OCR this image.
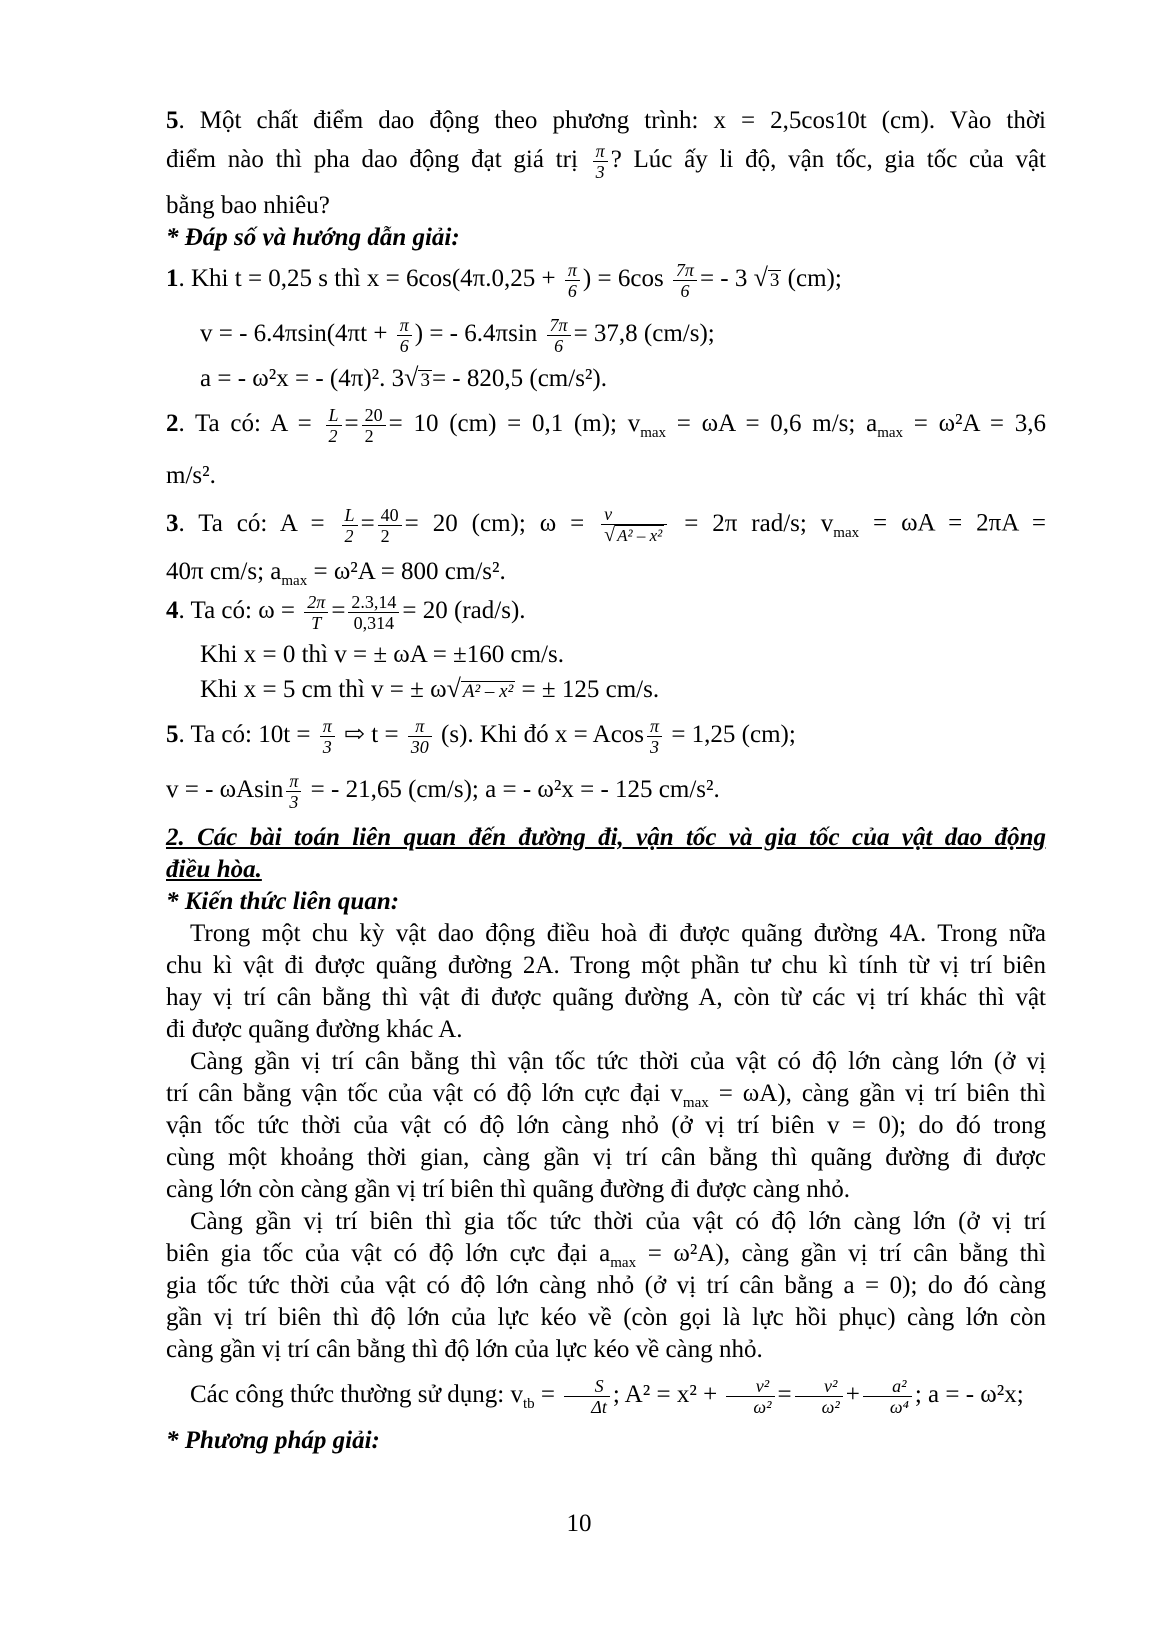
5. Một chất điểm dao động theo phương trình: x = 2,5cos10t (cm). Vào thời
điểm nào thì pha dao động đạt giá trị $\frac{\pi}{3}$ ? Lúc ấy li độ, vận tốc, gia tốc của vật
bằng bao nhiêu?
* Đáp số và hướng dẫn giải:
1. Khi t = 0,25 s thì $x = 6\cos(4\pi.0,25 + \frac{\pi}{6}$ ) = $6\cos \frac{7\pi}{6}$ = - 3 √ 3 (cm);
v = - $6.4\pi\sin(4\pi t + \frac{\pi}{6}$ ) = - $6.4\pi\sin \frac{7\pi}{6} = 37,8$ (cm/s);
a = - ω²x = - (4π)². 3√ 3= - 820,5 (cm/s²).
2. Ta có: $A = \frac{L}{2} = \frac{20}{2} = 10$ (cm) = 0,1 (m); $v_{max} = \omega A = 0,6$ m/s; $a_{max} = \omega^2A = 3,6$
m/s².
3. Ta có: $A = \frac{L}{2} = \frac{40}{2} = 20$ (cm); $\omega = \frac{v}{\text{√ A² – x²}} = 2\pi$ rad/s; $v_{max} = \omega A = 2\pi A$ =
40π cm/s; $a_{max} = \omega^2A = 800$ cm/s².
4. Ta có: $\omega = \frac{2\pi}{T} = \frac{2.3,14}{0,314} = 20$ (rad/s).
Khi x = 0 thì v = ± ωA = ±160 cm/s.
Khi x = 5 cm thì v = ± ω√ A² – x² = ± 125 cm/s.
5. Ta có: $10t = \frac{\pi}{3}$ ⇨ $t = \frac{\pi}{30} (s)$. Khi đó x = Acos $\frac{\pi}{3} = 1,25$ (cm);
v = - ωAsin $\frac{\pi}{3}$ = - 21,65 (cm/s); a = - ω²x = - 125 cm/s².
2. Các bài toán liên quan đến đường đi, vận tốc và gia tốc của vật dao động
điều hòa.
* Kiến thức liên quan:
Trong một chu kỳ vật dao động điều hoà đi được quãng đường 4A. Trong nữa
chu kì vật đi được quãng đường 2A. Trong một phần tư chu kì tính từ vị trí biên
hay vị trí cân bằng thì vật đi được quãng đường A, còn từ các vị trí khác thì vật
đi được quãng đường khác A.
Càng gần vị trí cân bằng thì vận tốc tức thời của vật có độ lớn càng lớn (ở vị
trí cân bằng vận tốc của vật có độ lớn cực đại $v_{max} = \omega A$), càng gần vị trí biên thì
vận tốc tức thời của vật có độ lớn càng nhỏ (ở vị trí biên v = 0); do đó trong
cùng một khoảng thời gian, càng gần vị trí cân bằng thì quãng đường đi được
càng lớn còn càng gần vị trí biên thì quãng đường đi được càng nhỏ.
Càng gần vị trí biên thì gia tốc tức thời của vật có độ lớn càng lớn (ở vị trí
biên gia tốc của vật có độ lớn cực đại $a_{max} = \omega^2A$), càng gần vị trí cân bằng thì
gia tốc tức thời của vật có độ lớn càng nhỏ (ở vị trí cân bằng a = 0); do đó càng
gần vị trí biên thì độ lớn của lực kéo về (còn gọi là lực hồi phục) càng lớn còn
càng gần vị trí cân bằng thì độ lớn của lực kéo về càng nhỏ.
Các công thức thường sử dụng: $v_{tb} = \frac{S}{\Delta t}$ ; $A^2 = x^2 + \frac{\text{v²}}{\text{ω²}} = \frac{\text{v²}}{\text{ω²}} + \frac{\text{a²}}{\text{ω⁴}}$ ; a = - ω²x;
* Phương pháp giải:
10
